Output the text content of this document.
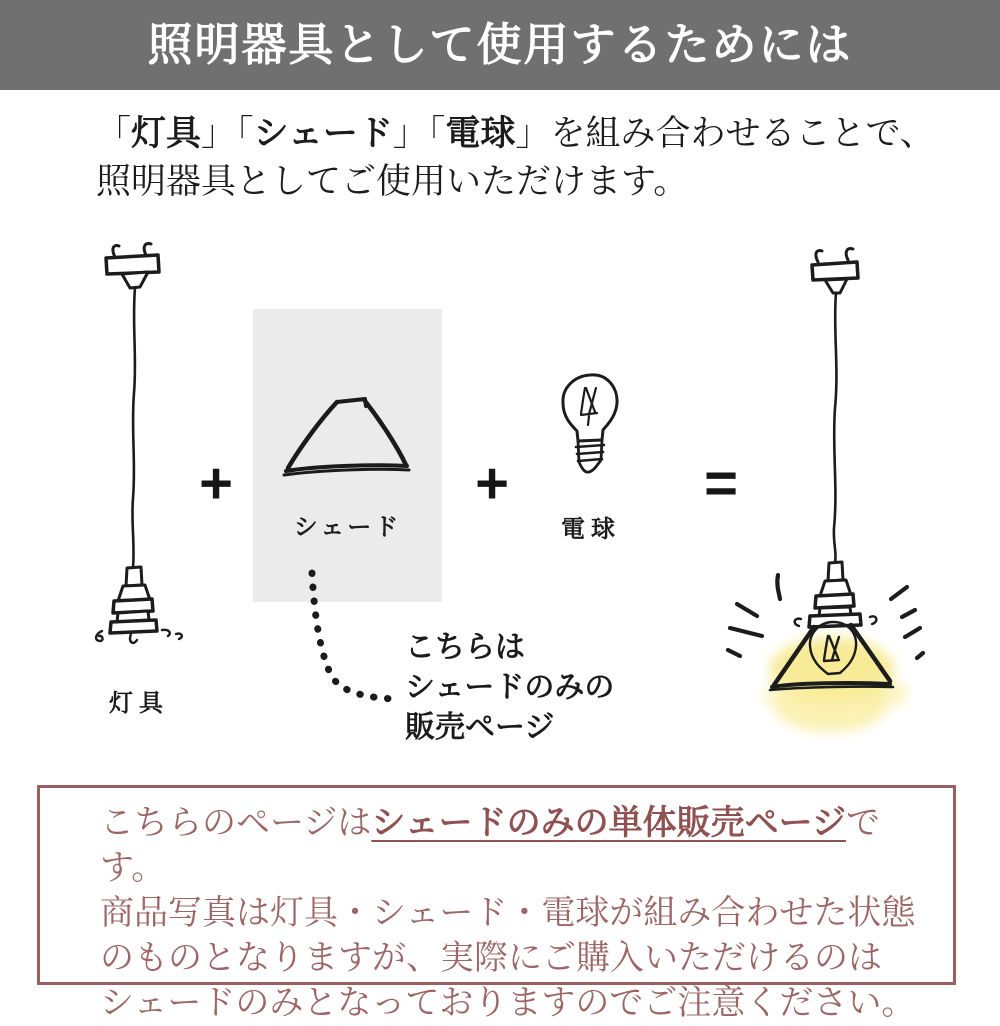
照明器具として使用するためには
「灯具」「シェード」「電球」を組み合わせることで、
照明器具としてご使用いただけます。
灯具
+
シェード
+
電球
=
こちらは
シェードのみの
販売ページ
こちらのページはシェードのみの単体販売ページです。
商品写真は灯具・シェード・電球が組み合わせた状態
のものとなりますが、実際にご購入いただけるのは
シェードのみとなっておりますのでご注意ください。
